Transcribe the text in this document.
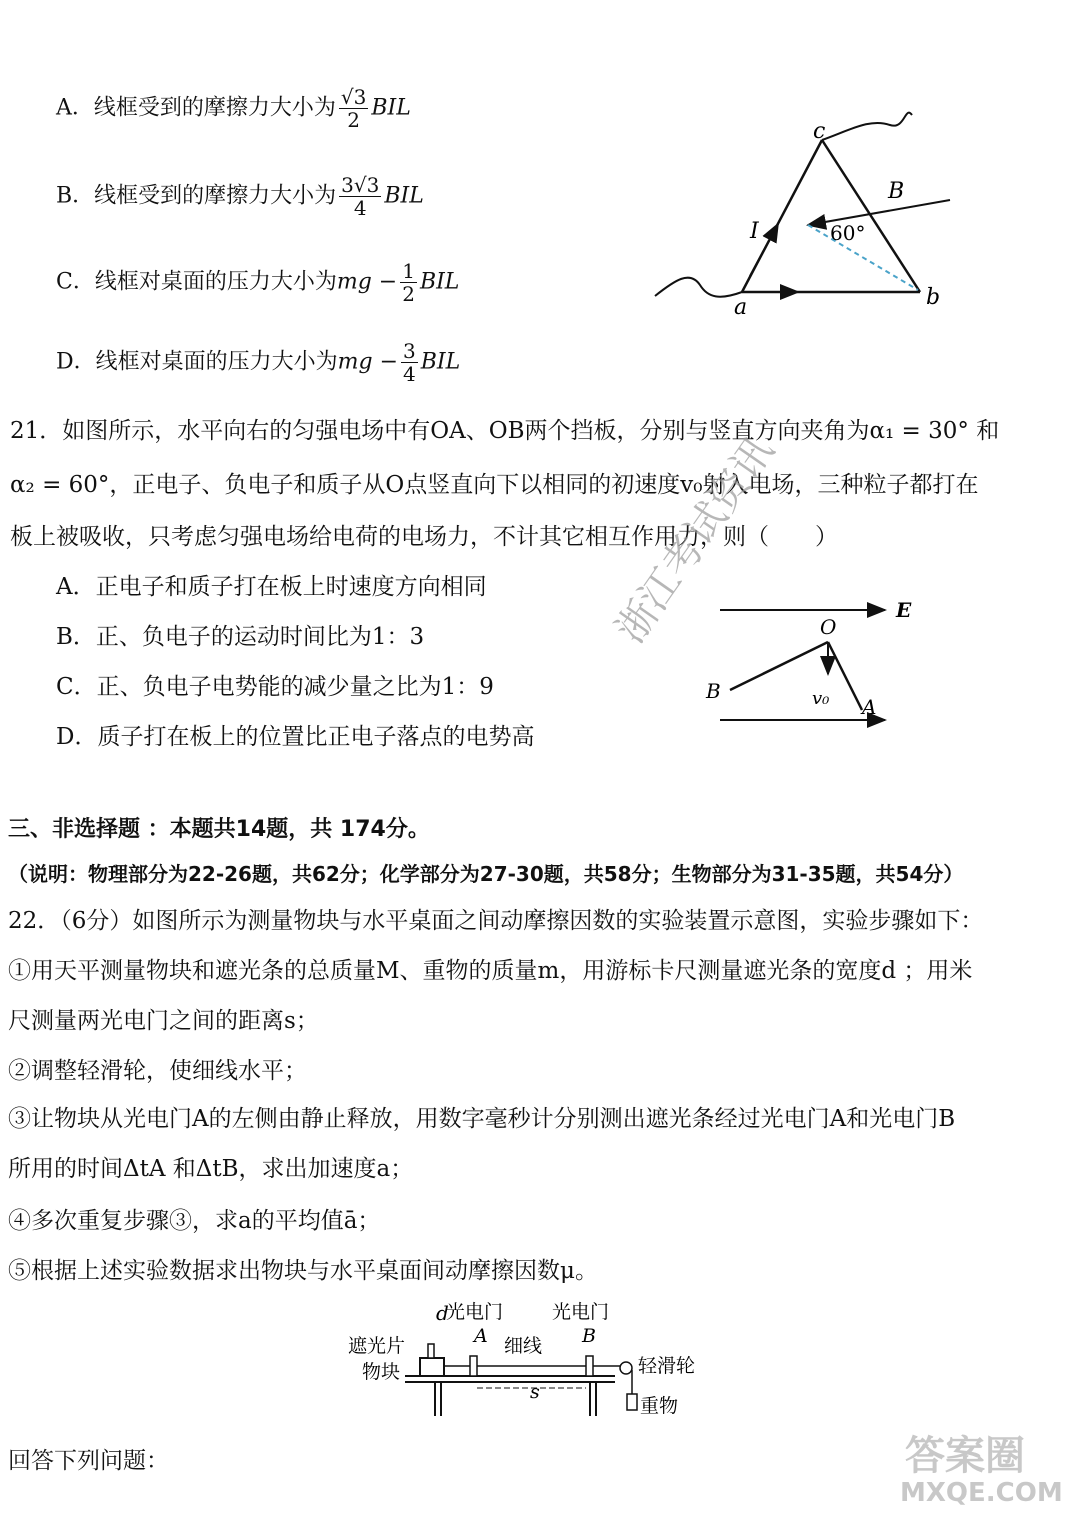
A．线框受到的摩擦力大小为 $\frac{√3}{2}$ BIL
B．线框受到的摩擦力大小为 $\frac{3√3}{4}$ BIL
C．线框对桌面的压力大小为mg − $\frac{1}{2}$ BIL
D．线框对桌面的压力大小为mg − $\frac{3}{4}$ BIL
c
B
I	60°
a	b
21．如图所示，水平向右的匀强电场中有OA、OB两个挡板，分别与竖直方向夹角为α₁ = 30° 和
α₂ = 60°，正电子、负电子和质子从O点竖直向下以相同的初速度v₀射入电场，三种粒子都打在
板上被吸收，只考虑匀强电场给电荷的电场力，不计其它相互作用力，则（　　）
A．正电子和质子打在板上时速度方向相同
B．正、负电子的运动时间比为1：3
C．正、负电子电势能的减少量之比为1：9
D．质子打在板上的位置比正电子落点的电势高
E
O
B	v₀ A
浙江考试资讯
三、非选择题 ：本题共14题，共 174分。
（说明：物理部分为22-26题，共62分；化学部分为27-30题，共58分；生物部分为31-35题，共54分）
22．（6分）如图所示为测量物块与水平桌面之间动摩擦因数的实验装置示意图，实验步骤如下：
①用天平测量物块和遮光条的总质量M、重物的质量m，用游标卡尺测量遮光条的宽度d ；用米
尺测量两光电门之间的距离s；
②调整轻滑轮，使细线水平；
③让物块从光电门A的左侧由静止释放，用数字毫秒计分别测出遮光条经过光电门A和光电门B
所用的时间ΔtA 和ΔtB，求出加速度a；
④多次重复步骤③，求a的平均值ā；
⑤根据上述实验数据求出物块与水平桌面间动摩擦因数μ。
d
光电门
A
光电门
B
遮光片
物块
细线
轻滑轮
s
重物
回答下列问题：	答案圈
MXQE.COM
